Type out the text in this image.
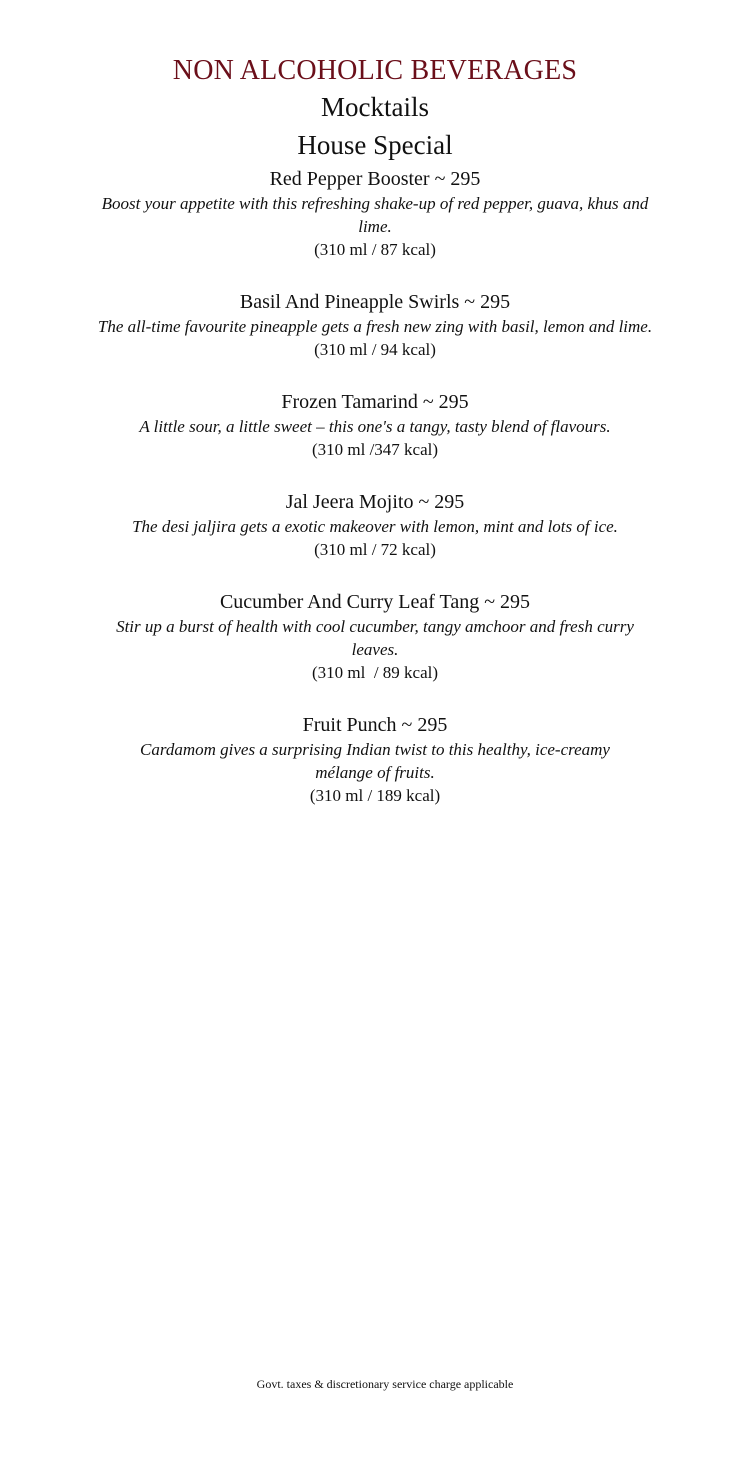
NON ALCOHOLIC BEVERAGES
Mocktails
House Special
Red Pepper Booster ~ 295
Boost your appetite with this refreshing shake-up of red pepper, guava, khus and lime.
(310 ml / 87 kcal)
Basil And Pineapple Swirls ~ 295
The all-time favourite pineapple gets a fresh new zing with basil, lemon and lime.
(310 ml / 94 kcal)
Frozen Tamarind ~ 295
A little sour, a little sweet – this one's a tangy, tasty blend of flavours.
(310 ml /347 kcal)
Jal Jeera Mojito ~ 295
The desi jaljira gets a exotic makeover with lemon, mint and lots of ice.
(310 ml / 72 kcal)
Cucumber And Curry Leaf Tang ~ 295
Stir up a burst of health with cool cucumber, tangy amchoor and fresh curry leaves.
(310 ml  / 89 kcal)
Fruit Punch ~ 295
Cardamom gives a surprising Indian twist to this healthy, ice-creamy mélange of fruits.
(310 ml / 189 kcal)
Govt. taxes & discretionary service charge applicable
